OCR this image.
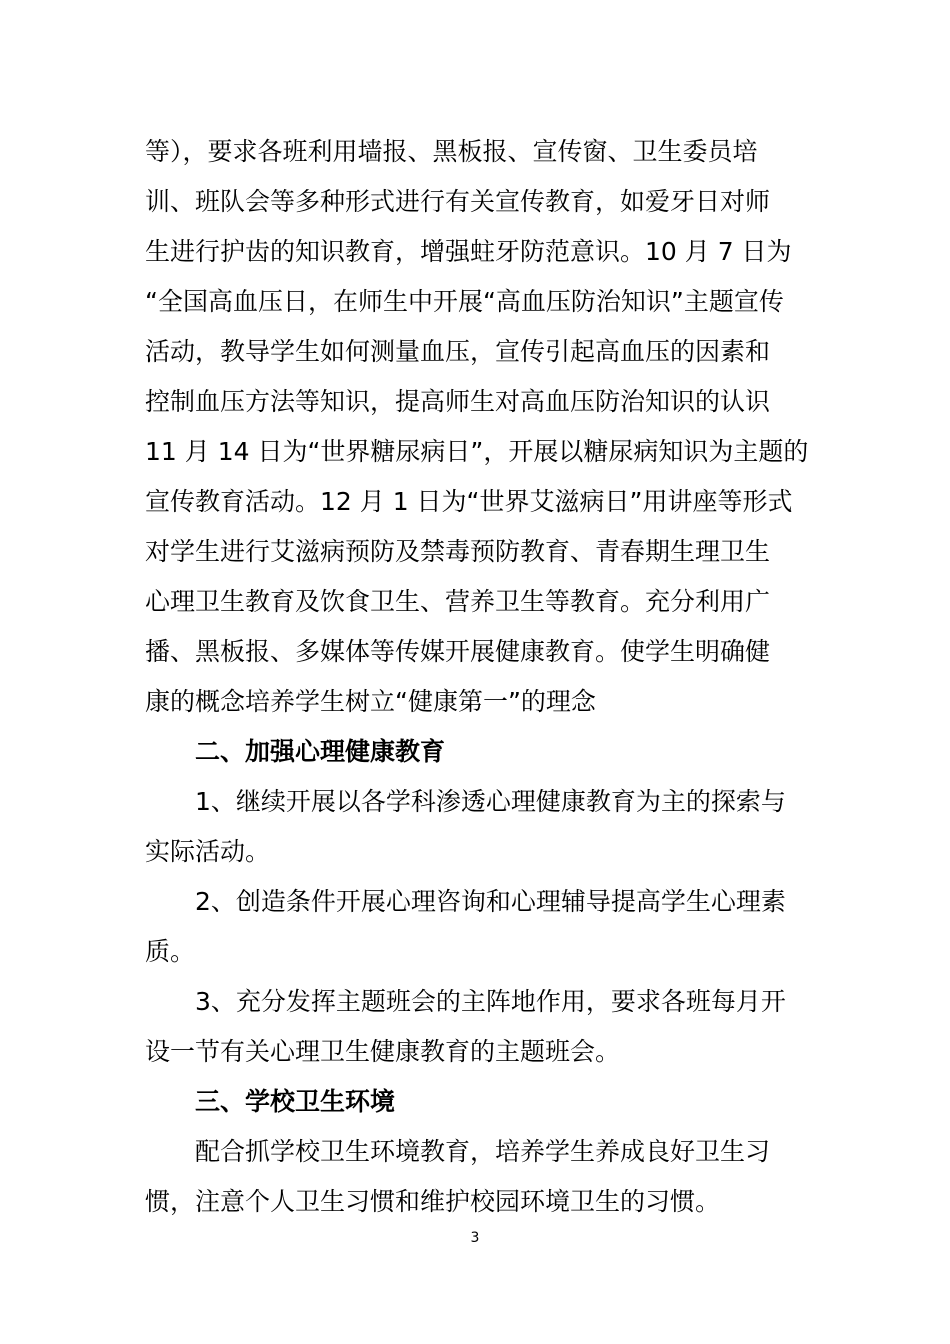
等），要求各班利用墙报、黑板报、宣传窗、卫生委员培
训、班队会等多种形式进行有关宣传教育，如爱牙日对师
生进行护齿的知识教育，增强蛀牙防范意识。10 月 7 日为
“全国高血压日，在师生中开展“高血压防治知识”主题宣传
活动，教导学生如何测量血压，宣传引起高血压的因素和
控制血压方法等知识，提高师生对高血压防治知识的认识
11 月 14 日为“世界糖尿病日”，开展以糖尿病知识为主题的
宣传教育活动。12 月 1 日为“世界艾滋病日”用讲座等形式
对学生进行艾滋病预防及禁毒预防教育、青春期生理卫生
心理卫生教育及饮食卫生、营养卫生等教育。充分利用广
播、黑板报、多媒体等传媒开展健康教育。使学生明确健
康的概念培养学生树立“健康第一”的理念
二、加强心理健康教育
1、继续开展以各学科渗透心理健康教育为主的探索与
实际活动。
2、创造条件开展心理咨询和心理辅导提高学生心理素
质。
3、充分发挥主题班会的主阵地作用，要求各班每月开
设一节有关心理卫生健康教育的主题班会。
三、学校卫生环境
配合抓学校卫生环境教育，培养学生养成良好卫生习
惯，注意个人卫生习惯和维护校园环境卫生的习惯。
3
